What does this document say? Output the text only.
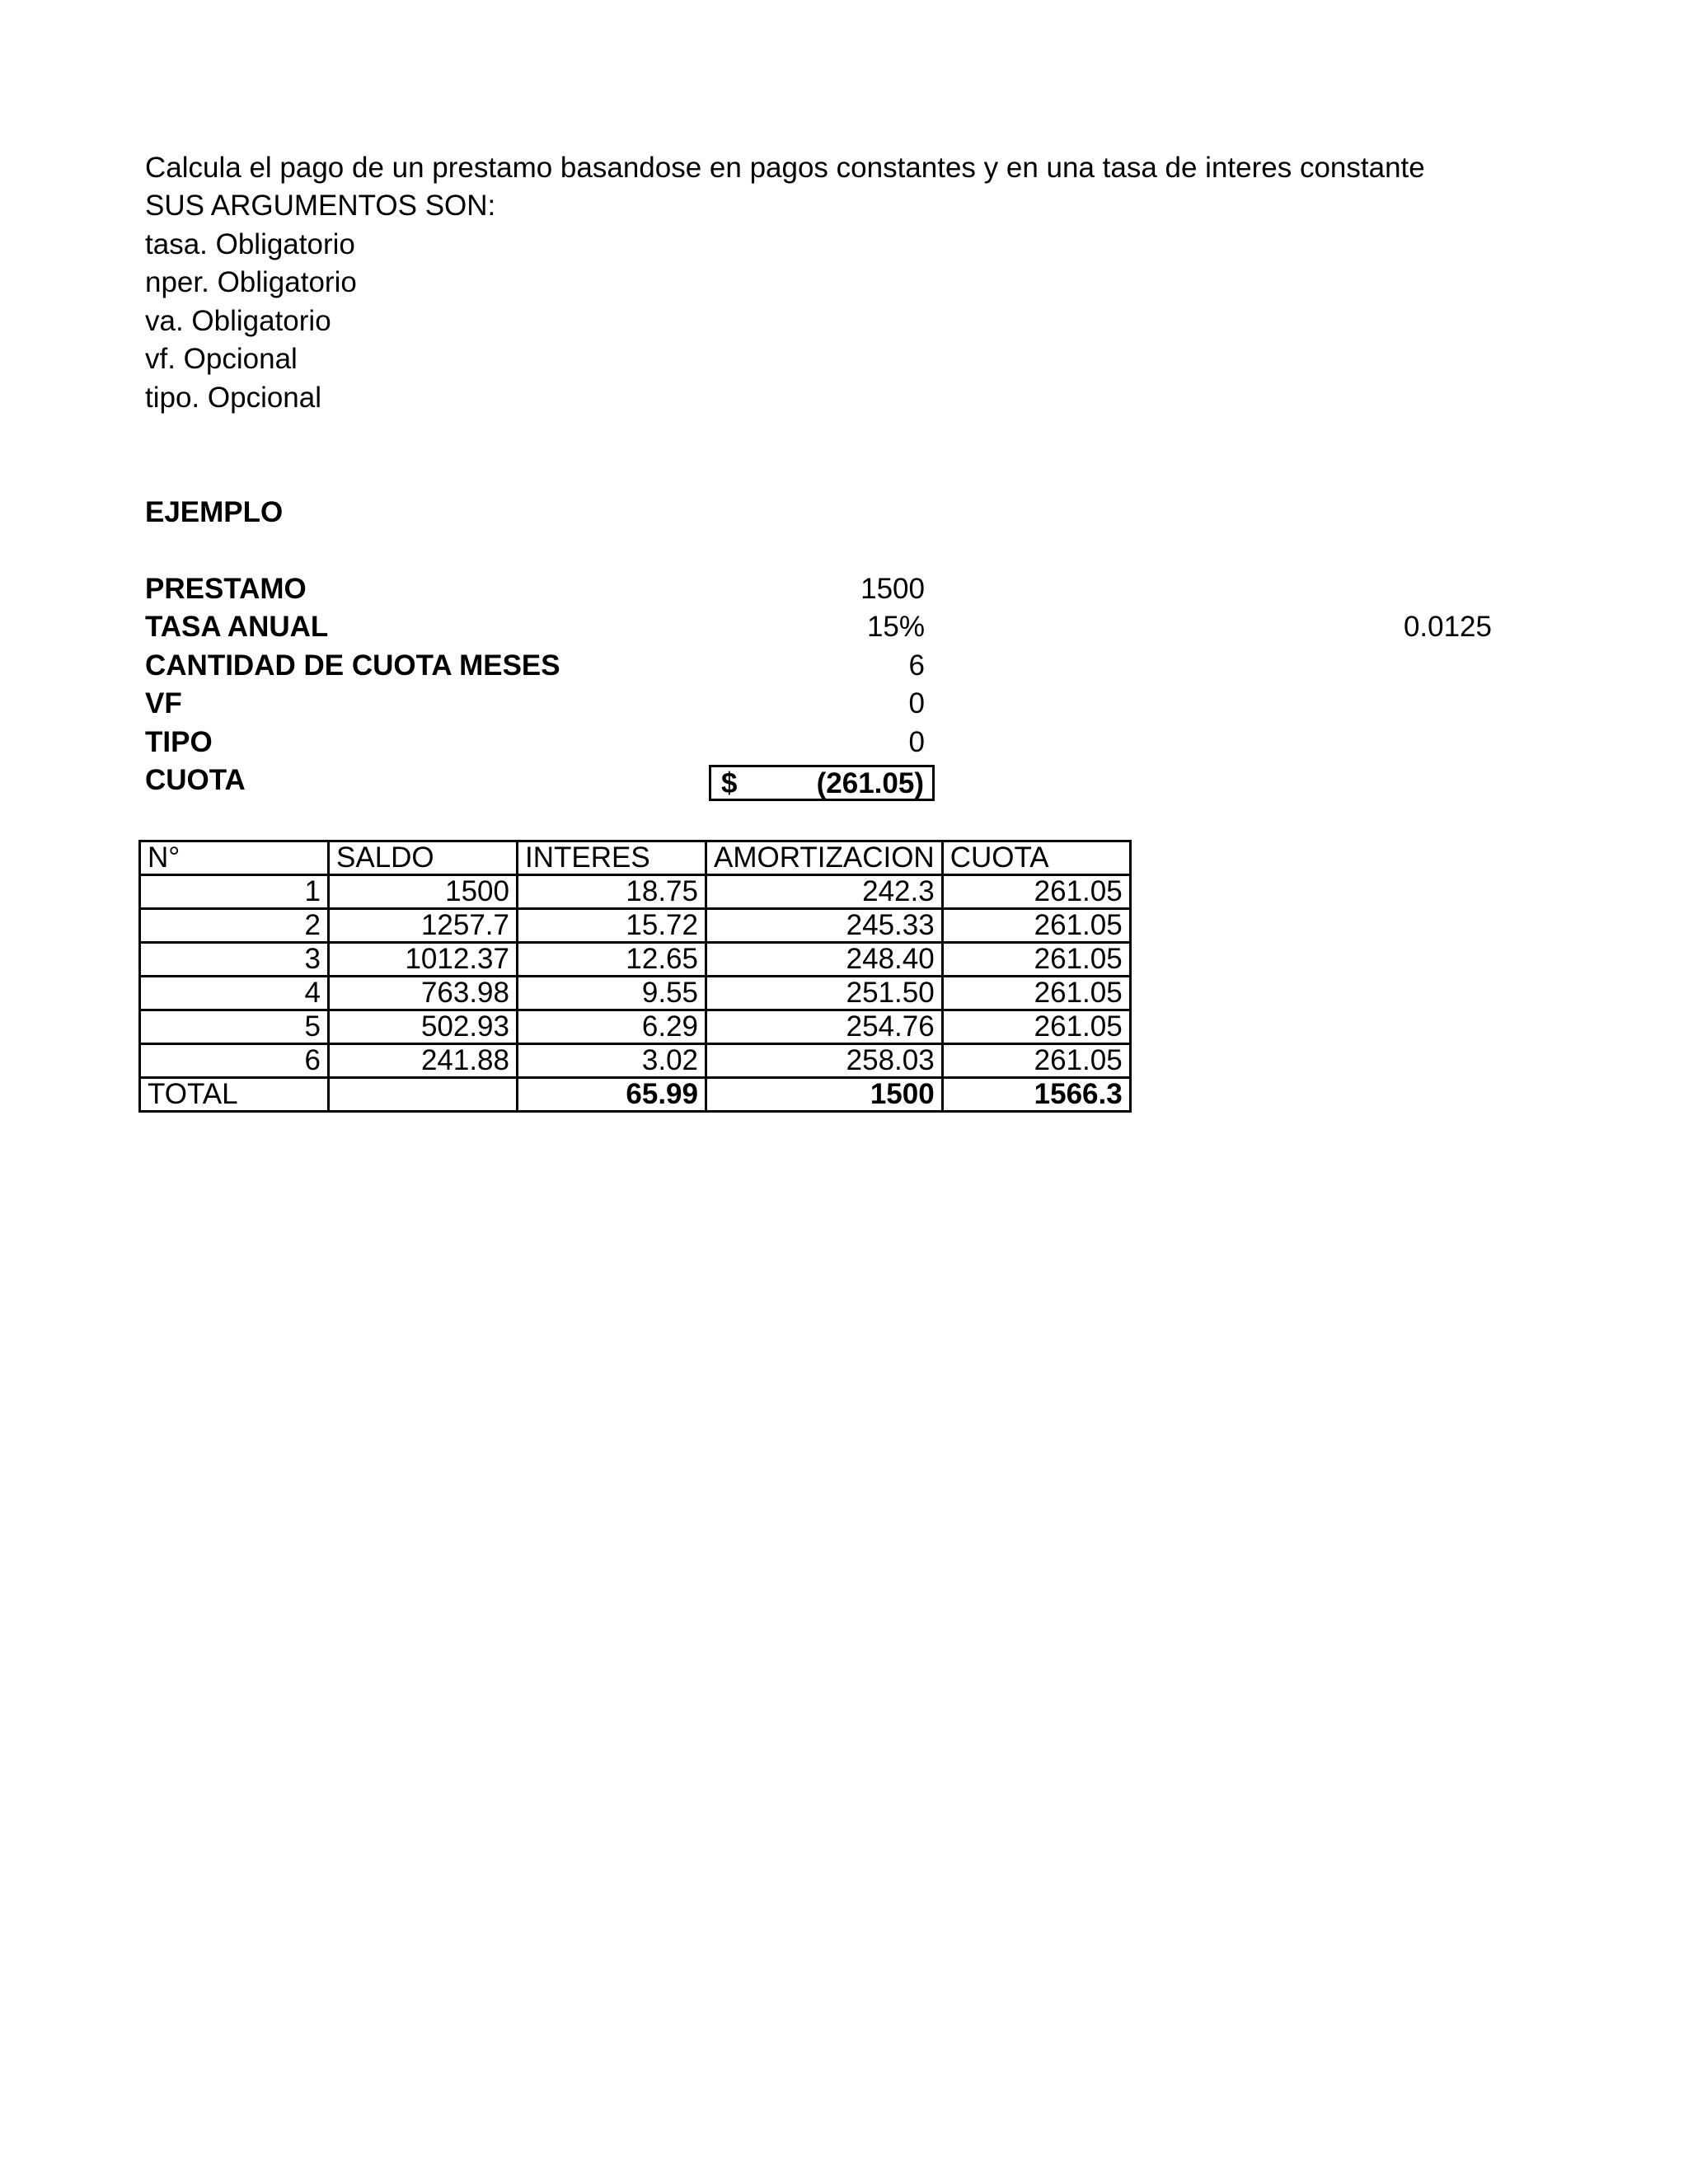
Calcula el pago de un prestamo basandose en pagos constantes y en una tasa de interes constante
SUS ARGUMENTOS SON:
tasa. Obligatorio
nper. Obligatorio
va. Obligatorio
vf. Opcional
tipo. Opcional
EJEMPLO
PRESTAMO	1500
TASA ANUAL	15%	0.0125
CANTIDAD DE CUOTA MESES	6
VF	0
TIPO	0
CUOTA	$	(261.05)
N°	SALDO	INTERES	AMORTIZACION	CUOTA
1	1500	18.75	242.3	261.05
2	1257.7	15.72	245.33	261.05
3	1012.37	12.65	248.40	261.05
4	763.98	9.55	251.50	261.05
5	502.93	6.29	254.76	261.05
6	241.88	3.02	258.03	261.05
TOTAL		65.99	1500	1566.3
